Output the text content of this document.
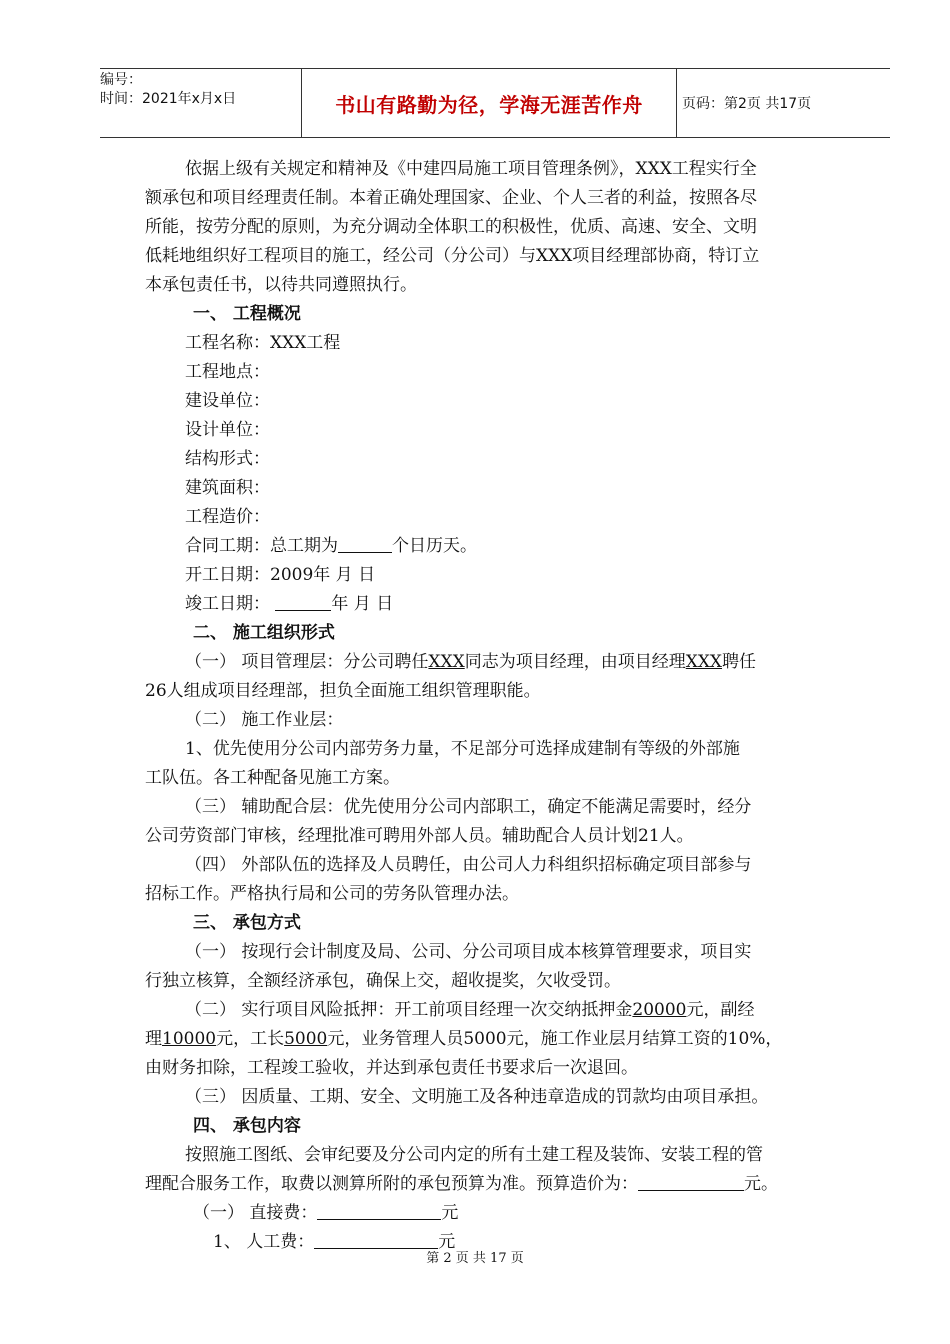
编号：
时间：2021年x月x日	书山有路勤为径，学海无涯苦作舟	页码：第2页 共17页
依据上级有关规定和精神及《中建四局施工项目管理条例》，XXX工程实行全
额承包和项目经理责任制。本着正确处理国家、企业、个人三者的利益，按照各尽
所能，按劳分配的原则，为充分调动全体职工的积极性，优质、高速、安全、文明
低耗地组织好工程项目的施工，经公司（分公司）与XXX项目经理部协商，特订立
本承包责任书，以待共同遵照执行。
一、 工程概况
工程名称：XXX工程
工程地点：
建设单位：
设计单位：
结构形式：
建筑面积：
工程造价：
合同工期：总工期为	个日历天。
开工日期：2009年 月 日
竣工日期：	年 月 日
二、 施工组织形式
（一） 项目管理层：分公司聘任XXX同志为项目经理，由项目经理XXX聘任
26人组成项目经理部，担负全面施工组织管理职能。
（二） 施工作业层：
1、优先使用分公司内部劳务力量，不足部分可选择成建制有等级的外部施
工队伍。各工种配备见施工方案。
（三） 辅助配合层：优先使用分公司内部职工，确定不能满足需要时，经分
公司劳资部门审核，经理批准可聘用外部人员。辅助配合人员计划21人。
（四） 外部队伍的选择及人员聘任，由公司人力科组织招标确定项目部参与
招标工作。严格执行局和公司的劳务队管理办法。
三、 承包方式
（一） 按现行会计制度及局、公司、分公司项目成本核算管理要求，项目实
行独立核算，全额经济承包，确保上交，超收提奖，欠收受罚。
（二） 实行项目风险抵押：开工前项目经理一次交纳抵押金20000元，副经
理10000元，工长5000元，业务管理人员5000元，施工作业层月结算工资的10%，
由财务扣除，工程竣工验收，并达到承包责任书要求后一次退回。
（三） 因质量、工期、安全、文明施工及各种违章造成的罚款均由项目承担。
四、 承包内容
按照施工图纸、会审纪要及分公司内定的所有土建工程及装饰、安装工程的管
理配合服务工作，取费以测算所附的承包预算为准。预算造价为：	元。
（一） 直接费：	元
1、 人工费：	元
第 2 页 共 17 页
